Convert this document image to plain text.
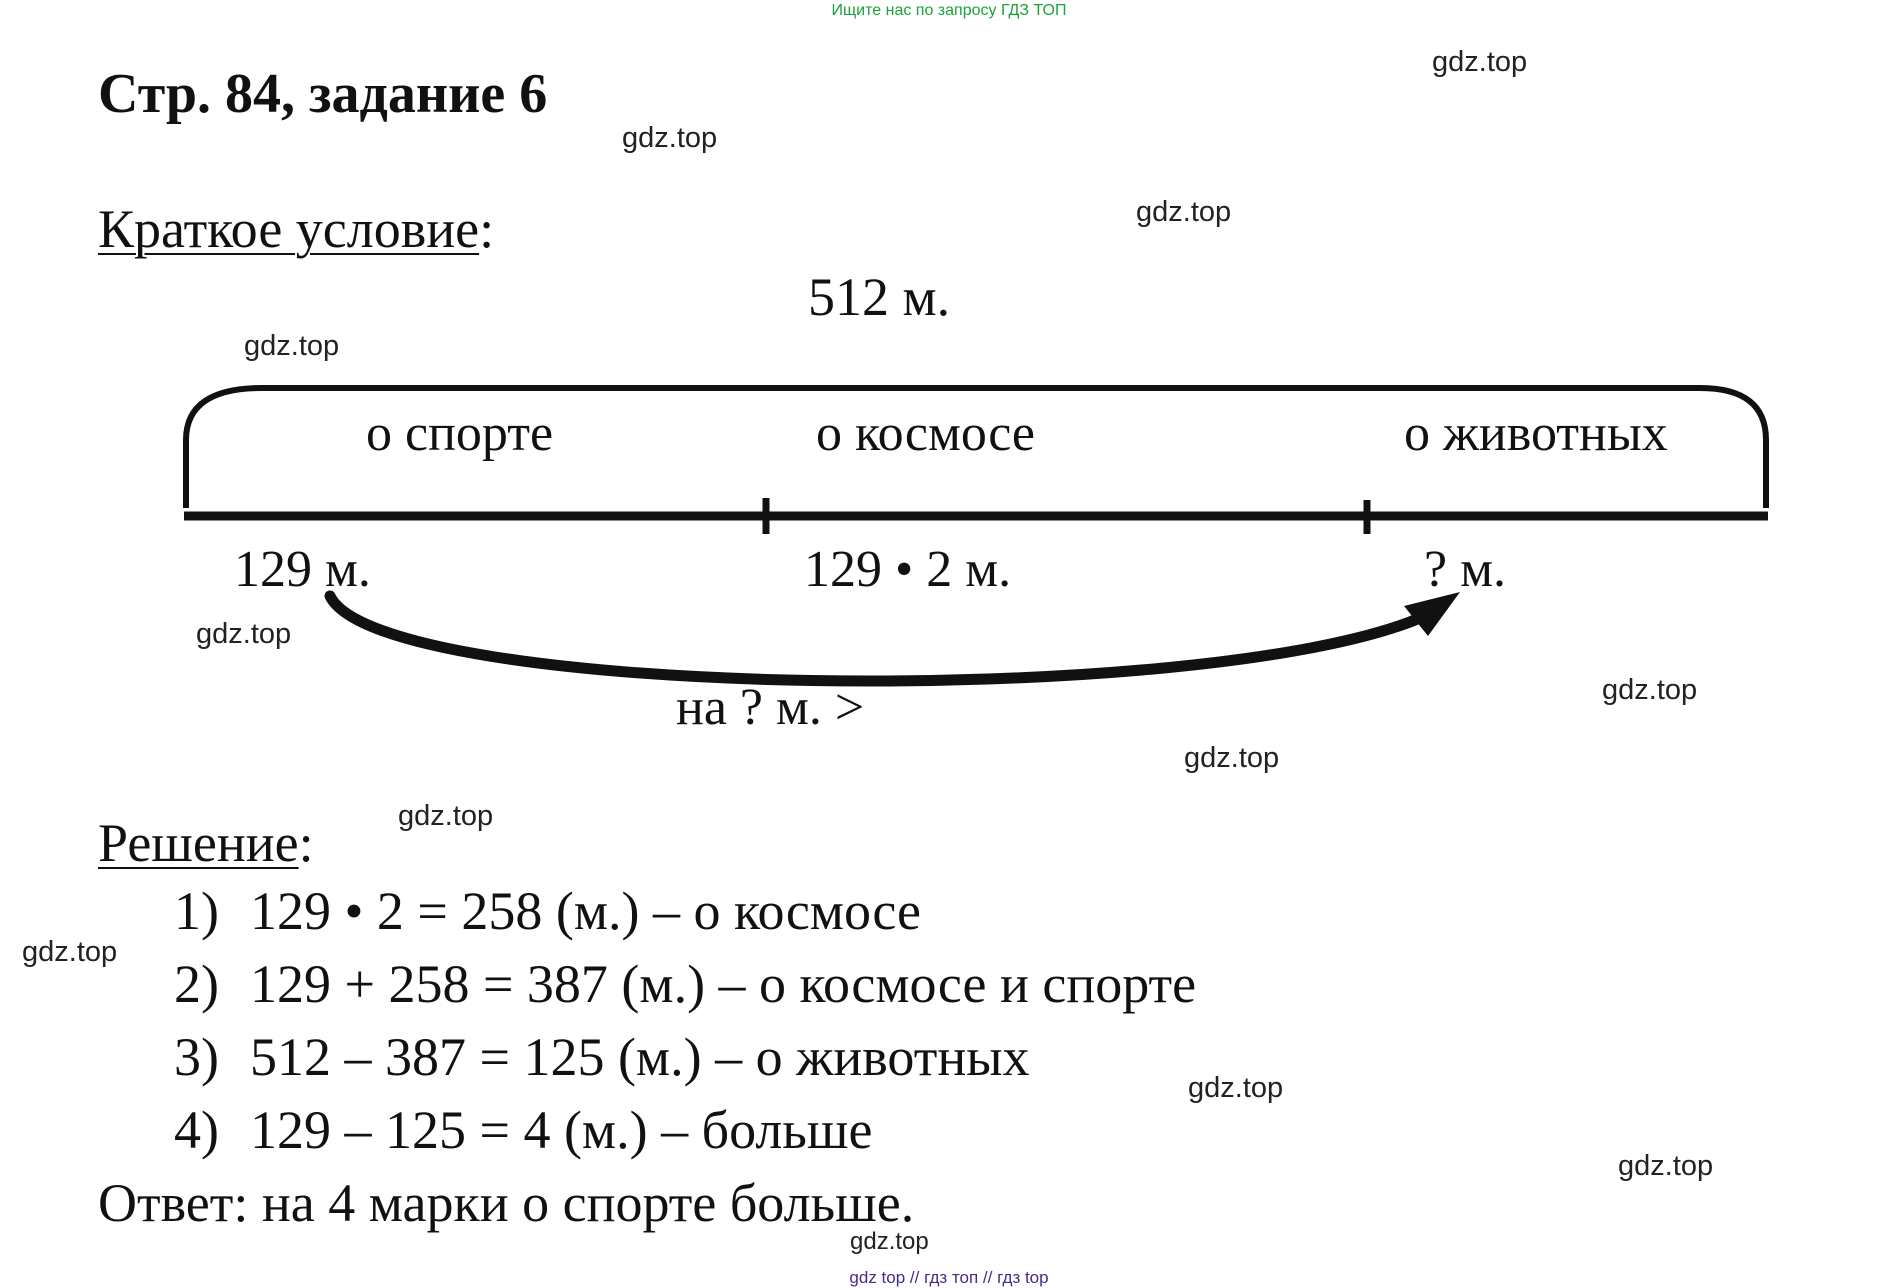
Ищите нас по запросу ГДЗ ТОП
Стр. 84, задание 6
Краткое условие:
512 м.
о спорте	о космосе	о животных
129 м.	129 • 2 м.	? м.
на ? м. >
Решение:
1) 129 • 2 = 258 (м.) – о космосе
2) 129 + 258 = 387 (м.) – о космосе и спорте
3) 512 – 387 = 125 (м.) – о животных
4) 129 – 125 = 4 (м.) – больше
Ответ: на 4 марки о спорте больше.
gdz.top
gdz.top
gdz.top
gdz.top
gdz.top
gdz.top
gdz.top
gdz.top
gdz.top
gdz.top
gdz.top
gdz.top
gdz top // гдз топ // гдз top
